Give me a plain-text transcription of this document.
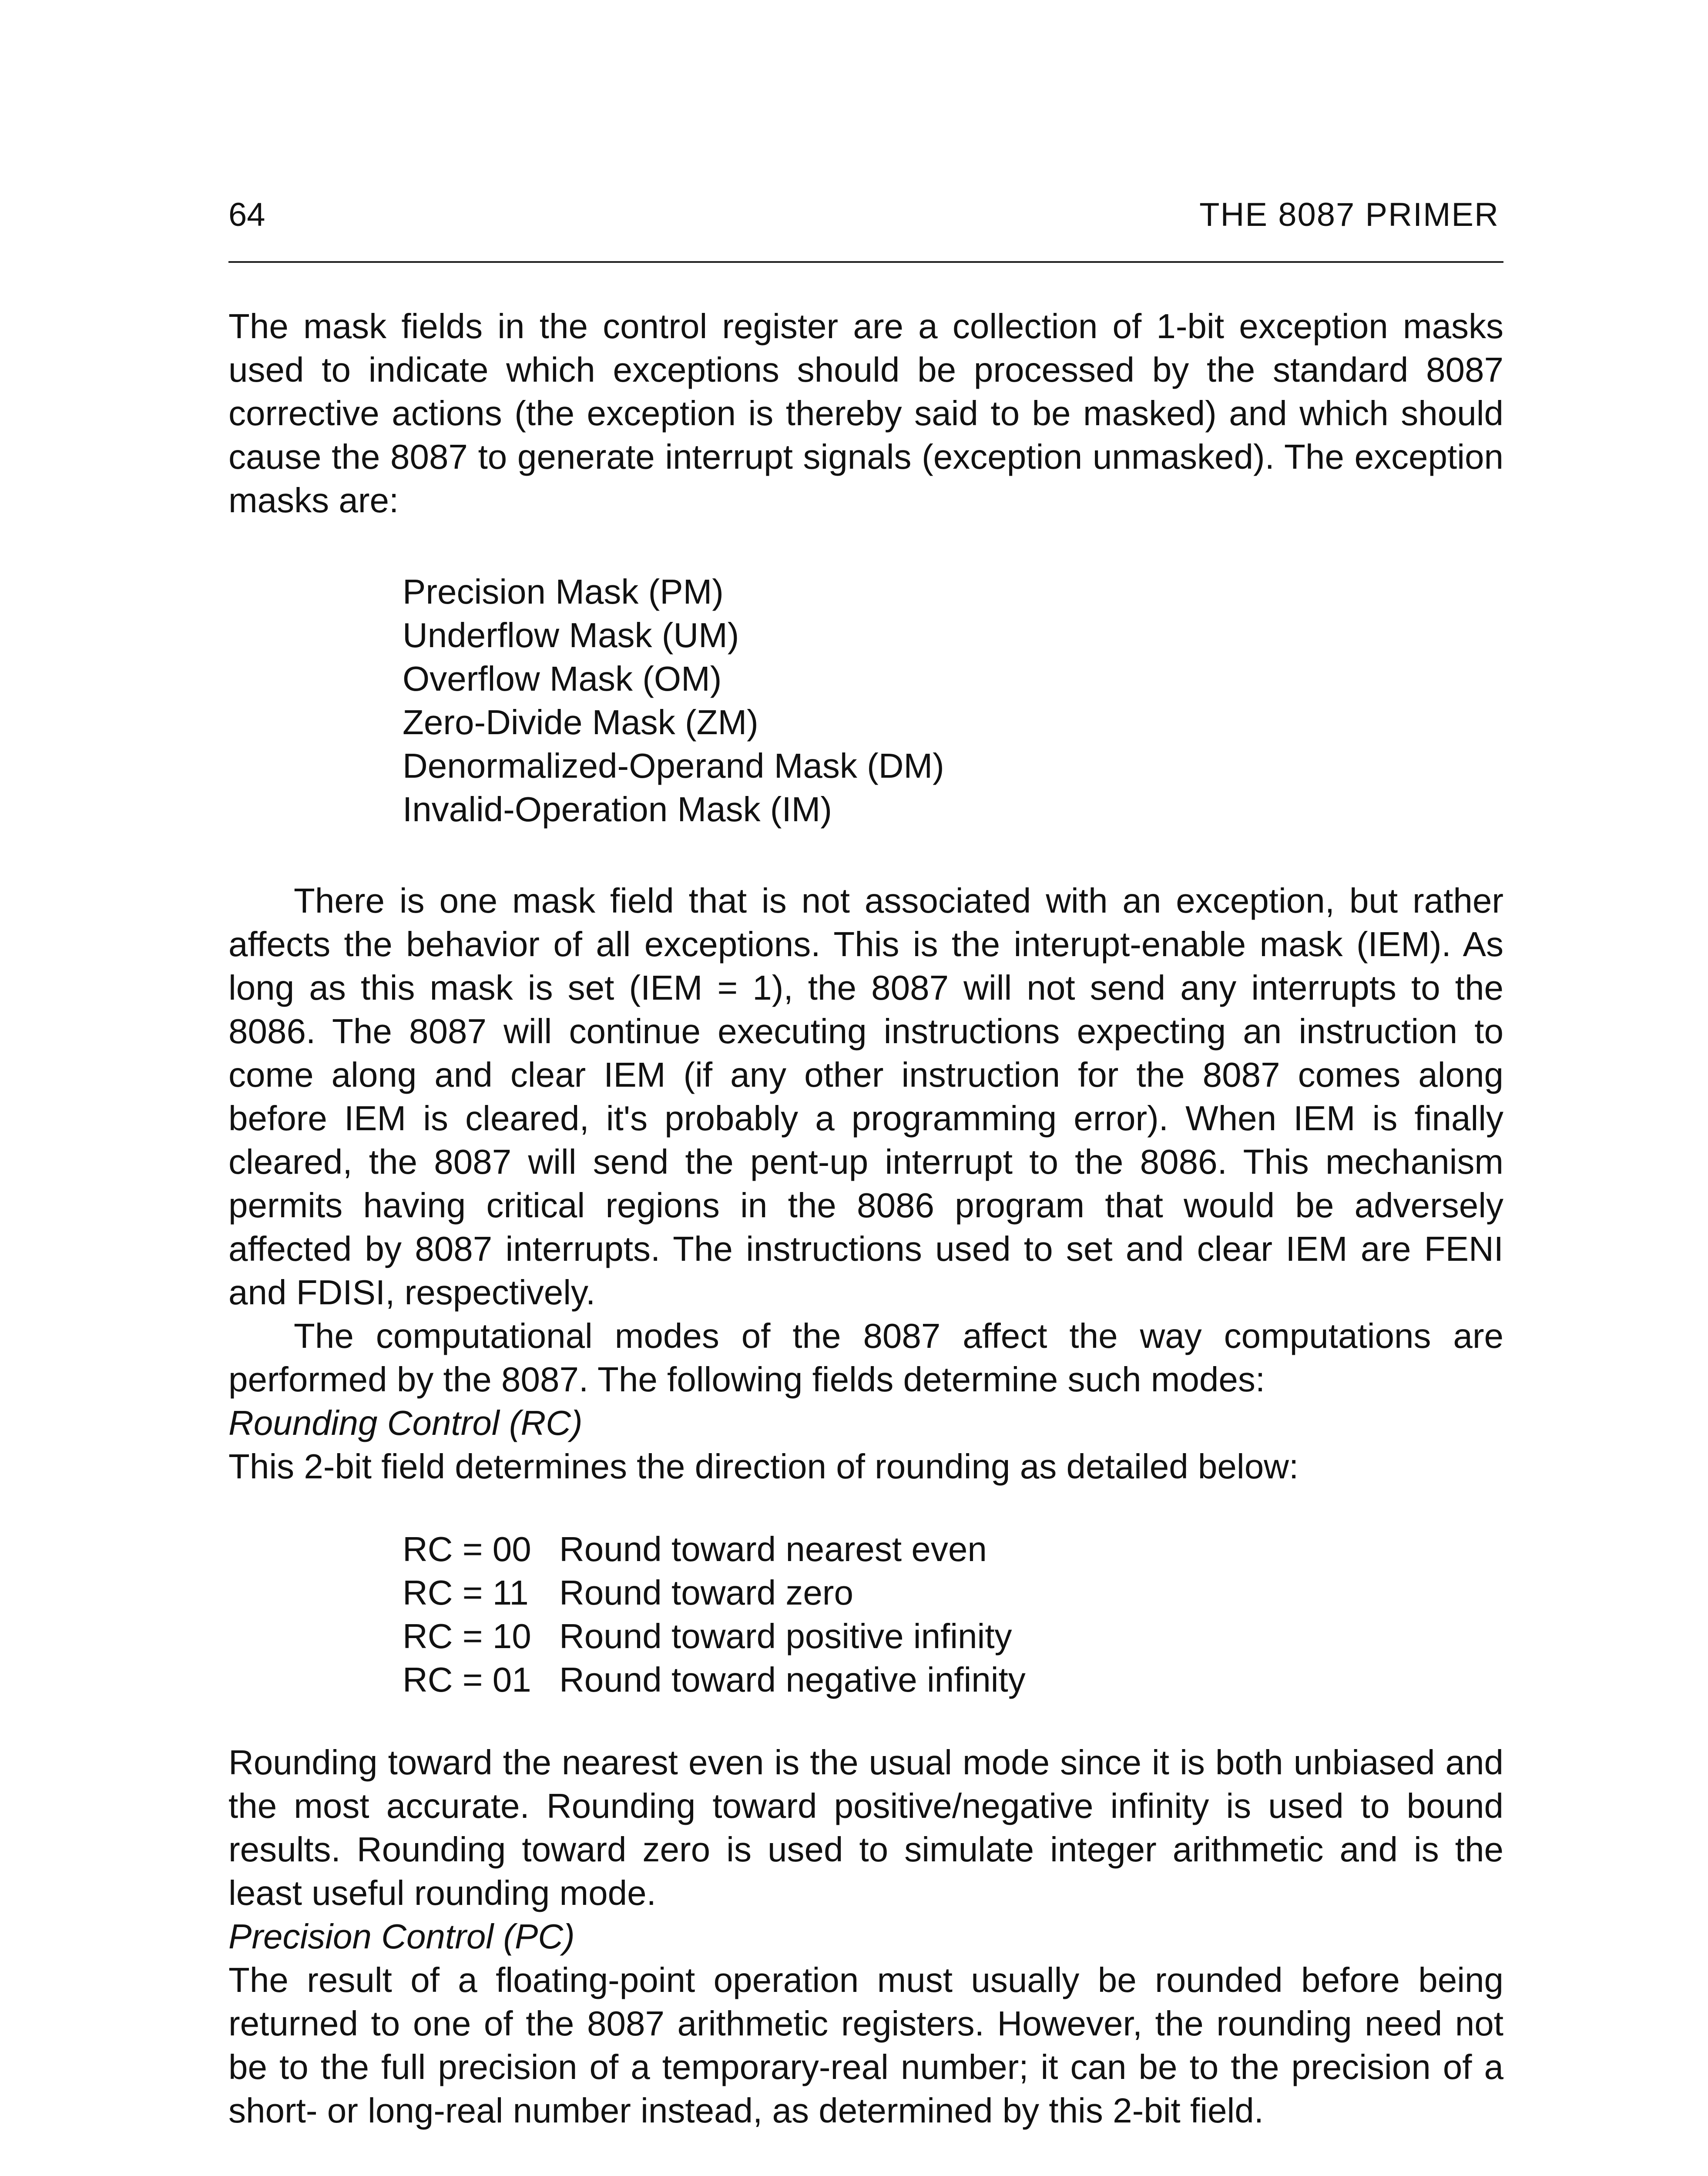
64	THE 8087 PRIMER

The mask fields in the control register are a collection of 1-bit exception masks used to indicate which exceptions should be processed by the standard 8087 corrective actions (the exception is thereby said to be masked) and which should cause the 8087 to generate interrupt signals (exception unmasked). The exception masks are:

Precision Mask (PM)
Underflow Mask (UM)
Overflow Mask (OM)
Zero-Divide Mask (ZM)
Denormalized-Operand Mask (DM)
Invalid-Operation Mask (IM)

There is one mask field that is not associated with an exception, but rather affects the behavior of all exceptions. This is the interupt-enable mask (IEM). As long as this mask is set (IEM = 1), the 8087 will not send any interrupts to the 8086. The 8087 will continue executing instructions expecting an instruction to come along and clear IEM (if any other instruction for the 8087 comes along before IEM is cleared, it's probably a programming error). When IEM is finally cleared, the 8087 will send the pent-up interrupt to the 8086. This mechanism permits having critical regions in the 8086 program that would be adversely affected by 8087 interrupts. The instructions used to set and clear IEM are FENI and FDISI, respectively.

The computational modes of the 8087 affect the way computations are performed by the 8087. The following fields determine such modes:

Rounding Control (RC)

This 2-bit field determines the direction of rounding as detailed below:

RC = 00	Round toward nearest even
RC = 11	Round toward zero
RC = 10	Round toward positive infinity
RC = 01	Round toward negative infinity

Rounding toward the nearest even is the usual mode since it is both unbiased and the most accurate. Rounding toward positive/negative infinity is used to bound results. Rounding toward zero is used to simulate integer arithmetic and is the least useful rounding mode.

Precision Control (PC)

The result of a floating-point operation must usually be rounded before being returned to one of the 8087 arithmetic registers. However, the rounding need not be to the full precision of a temporary-real number; it can be to the precision of a short- or long-real number instead, as determined by this 2-bit field.
